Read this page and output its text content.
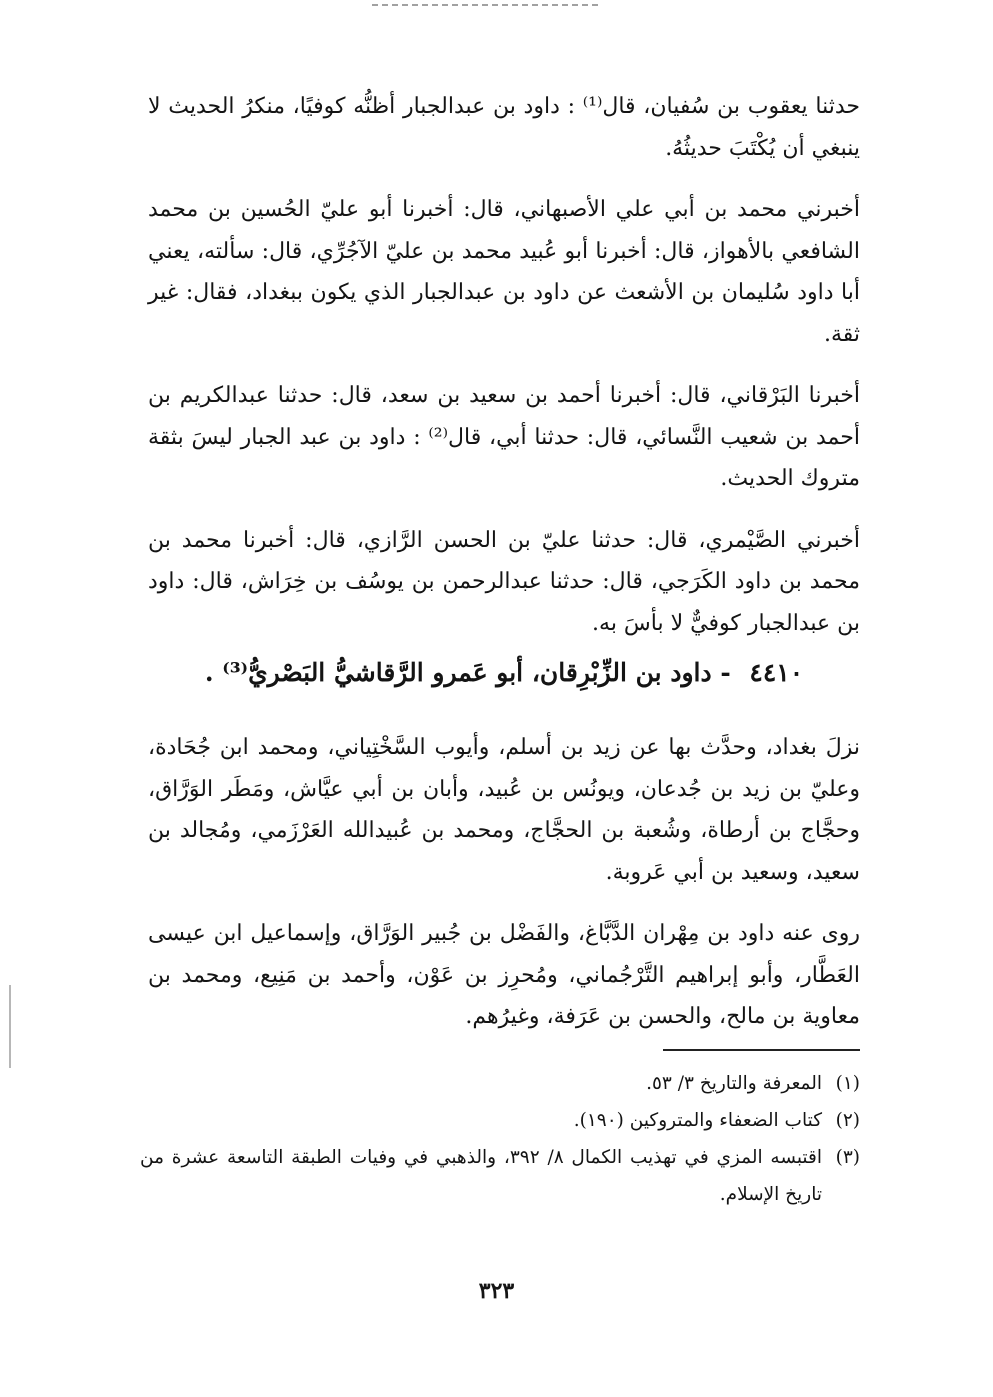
حدثنا يعقوب بن سُفيان، قال⁽¹⁾ : داود بن عبدالجبار أظنُّه كوفيًا، منكرُ الحديث لا ينبغي أن يُكْتَبَ حديثُهُ.

أخبرني محمد بن أبي علي الأصبهاني، قال: أخبرنا أبو عليّ الحُسين بن محمد الشافعي بالأهواز، قال: أخبرنا أبو عُبيد محمد بن عليّ الآجُرِّي، قال: سألته، يعني أبا داود سُليمان بن الأشعث عن داود بن عبدالجبار الذي يكون ببغداد، فقال: غير ثقة.

أخبرنا البَرْقاني، قال: أخبرنا أحمد بن سعيد بن سعد، قال: حدثنا عبدالكريم بن أحمد بن شعيب النَّسائي، قال: حدثنا أبي، قال⁽²⁾ : داود بن عبد الجبار ليسَ بثقة متروك الحديث.

أخبرني الصَّيْمري، قال: حدثنا عليّ بن الحسن الرَّازي، قال: أخبرنا محمد بن محمد بن داود الكَرَجي، قال: حدثنا عبدالرحمن بن يوسُف بن خِرَاش، قال: داود بن عبدالجبار كوفيٌّ لا بأسَ به.

٤٤١٠ - داود بن الزِّبْرِقان، أبو عَمرو الرَّقاشيُّ البَصْريُّ⁽³⁾ .

نزلَ بغداد، وحدَّث بها عن زيد بن أسلم، وأيوب السَّخْتِياني، ومحمد ابن جُحَادة، وعليّ بن زيد بن جُدعان، ويونُس بن عُبيد، وأبان بن أبي عيَّاش، ومَطَر الوَرَّاق، وحجَّاج بن أرطاة، وشُعبة بن الحجَّاج، ومحمد بن عُبيدالله العَرْزَمي، ومُجالد بن سعيد، وسعيد بن أبي عَروبة.

روى عنه داود بن مِهْران الدَّبَّاغ، والفَضْل بن جُبير الوَرَّاق، وإسماعيل ابن عيسى العَطَّار، وأبو إبراهيم التَّرْجُماني، ومُحرِز بن عَوْن، وأحمد بن مَنِيع، ومحمد بن معاوية بن مالح، والحسن بن عَرَفة، وغيرُهم.

(١)
المعرفة والتاريخ ٣/ ٥٣.
(٢)
كتاب الضعفاء والمتروكين (١٩٠).
(٣)
اقتبسه المزي في تهذيب الكمال ٨/ ٣٩٢، والذهبي في وفيات الطبقة التاسعة عشرة من تاريخ الإسلام.
٣٢٣
